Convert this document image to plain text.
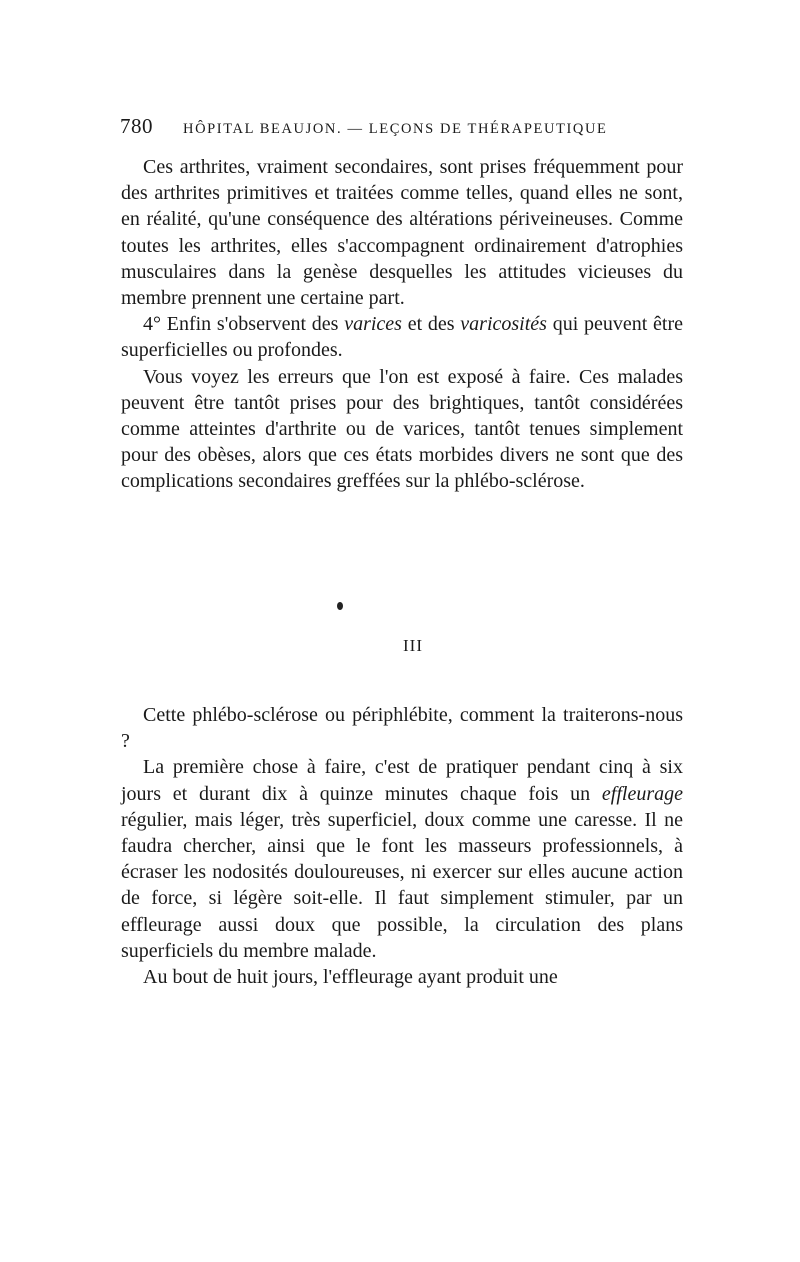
780 HÔPITAL BEAUJON. — LEÇONS DE THÉRAPEUTIQUE

Ces arthrites, vraiment secondaires, sont prises fréquemment pour des arthrites primitives et traitées comme telles, quand elles ne sont, en réalité, qu'une conséquence des altérations périveineuses. Comme toutes les arthrites, elles s'accompagnent ordinairement d'atrophies musculaires dans la genèse desquelles les attitudes vicieuses du membre prennent une certaine part.

4° Enfin s'observent des varices et des varicosités qui peuvent être superficielles ou profondes.

Vous voyez les erreurs que l'on est exposé à faire. Ces malades peuvent être tantôt prises pour des brightiques, tantôt considérées comme atteintes d'arthrite ou de varices, tantôt tenues simplement pour des obèses, alors que ces états morbides divers ne sont que des complications secondaires greffées sur la phlébo-sclérose.

III

Cette phlébo-sclérose ou périphlébite, comment la traiterons-nous ?

La première chose à faire, c'est de pratiquer pendant cinq à six jours et durant dix à quinze minutes chaque fois un effleurage régulier, mais léger, très superficiel, doux comme une caresse. Il ne faudra chercher, ainsi que le font les masseurs professionnels, à écraser les nodosités douloureuses, ni exercer sur elles aucune action de force, si légère soit-elle. Il faut simplement stimuler, par un effleurage aussi doux que possible, la circulation des plans superficiels du membre malade.

Au bout de huit jours, l'effleurage ayant produit une
